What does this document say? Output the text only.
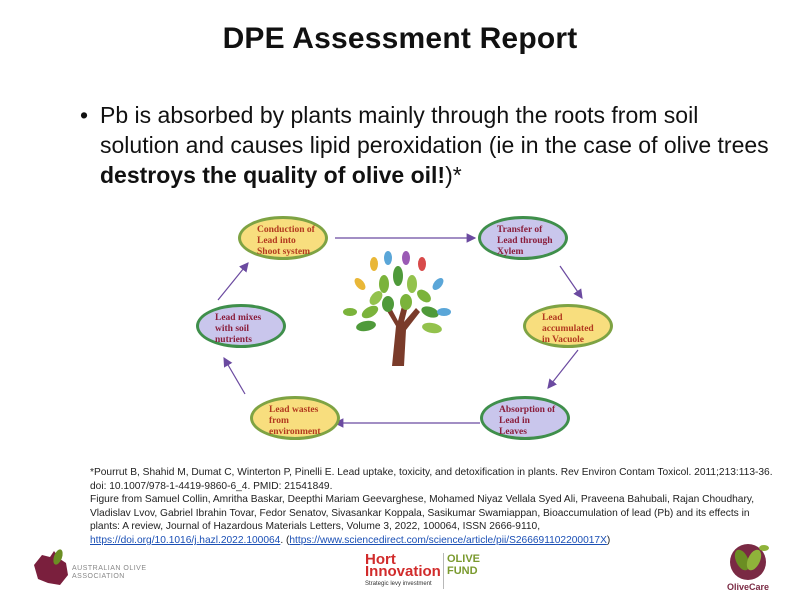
DPE Assessment Report
• Pb is absorbed by plants mainly through the roots from soil solution and causes lipid peroxidation (ie in the case of olive trees destroys the quality of olive oil!)*
Conduction of Lead into Shoot system
Transfer of Lead through Xylem
Lead accumulated in Vacuole
Absorption of Lead in Leaves
Lead wastes from environment
Lead mixes with soil nutrients
*Pourrut B, Shahid M, Dumat C, Winterton P, Pinelli E. Lead uptake, toxicity, and detoxification in plants. Rev Environ Contam Toxicol. 2011;213:113-36. doi: 10.1007/978-1-4419-9860-6_4. PMID: 21541849.
Figure from Samuel Collin, Amritha Baskar, Deepthi Mariam Geevarghese, Mohamed Niyaz Vellala Syed Ali, Praveena Bahubali, Rajan Choudhary, Vladislav Lvov, Gabriel Ibrahin Tovar, Fedor Senatov, Sivasankar Koppala, Sasikumar Swamiappan, Bioaccumulation of lead (Pb) and its effects in plants: A review, Journal of Hazardous Materials Letters, Volume 3, 2022, 100064, ISSN 2666-9110,
https://doi.org/10.1016/j.hazl.2022.100064. (https://www.sciencedirect.com/science/article/pii/S266691102200017X)
AUSTRALIAN OLIVE
ASSOCIATION
Hort
Innovation
Strategic levy investment
OLIVE
FUND
OliveCare
